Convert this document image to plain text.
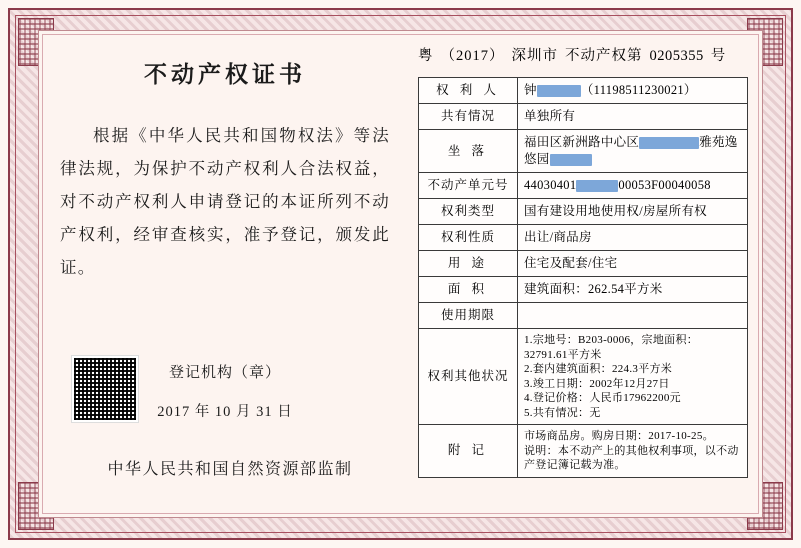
不动产权证书
根据《中华人民共和国物权法》等法律法规，为保护不动产权利人合法权益，对不动产权利人申请登记的本证所列不动产权利，经审查核实，准予登记，颁发此证。
登记机构（章）
2017 年 10 月 31 日
中华人民共和国自然资源部监制
粤 （2017） 深圳市 不动产权第 0205355 号
权 利 人	钟 （11198511230021）
共有情况	单独所有
坐 落	福田区新洲路中心区 雅苑逸悠园
不动产单元号	44030401 00053F00040058
权利类型	国有建设用地使用权/房屋所有权
权利性质	出让/商品房
用 途	住宅及配套/住宅
面 积	建筑面积：262.54平方米
使用期限	
权利其他状况	1.宗地号：B203-0006，宗地面积：32791.61平方米
2.套内建筑面积：224.3平方米
3.竣工日期：2002年12月27日
4.登记价格：人民币17962200元
5.共有情况：无

附 记	市场商品房。购房日期：2017-10-25。
说明：本不动产上的其他权利事项，以不动产登记簿记载为准。
